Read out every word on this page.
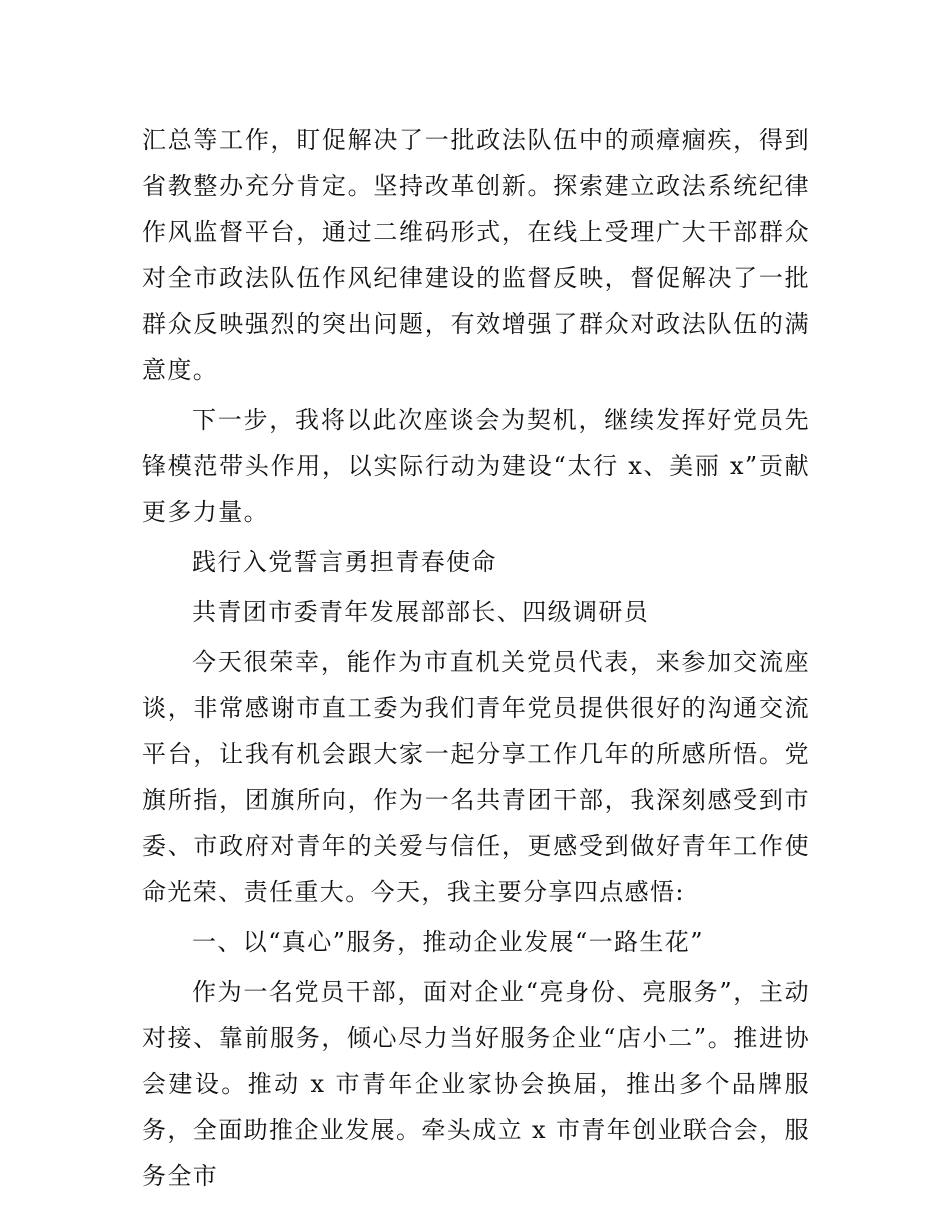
汇总等工作，盯促解决了一批政法队伍中的顽瘴痼疾，得到省教整办充分肯定。坚持改革创新。探索建立政法系统纪律作风监督平台，通过二维码形式，在线上受理广大干部群众对全市政法队伍作风纪律建设的监督反映，督促解决了一批群众反映强烈的突出问题，有效增强了群众对政法队伍的满意度。

下一步，我将以此次座谈会为契机，继续发挥好党员先锋模范带头作用，以实际行动为建设“太行 x、美丽 x”贡献更多力量。

践行入党誓言勇担青春使命

共青团市委青年发展部部长、四级调研员

今天很荣幸，能作为市直机关党员代表，来参加交流座谈，非常感谢市直工委为我们青年党员提供很好的沟通交流平台，让我有机会跟大家一起分享工作几年的所感所悟。党旗所指，团旗所向，作为一名共青团干部，我深刻感受到市委、市政府对青年的关爱与信任，更感受到做好青年工作使命光荣、责任重大。今天，我主要分享四点感悟:

一、以“真心”服务，推动企业发展“一路生花”

作为一名党员干部，面对企业“亮身份、亮服务”，主动对接、靠前服务，倾心尽力当好服务企业“店小二”。推进协会建设。推动 x 市青年企业家协会换届，推出多个品牌服务，全面助推企业发展。牵头成立 x 市青年创业联合会，服务全市
